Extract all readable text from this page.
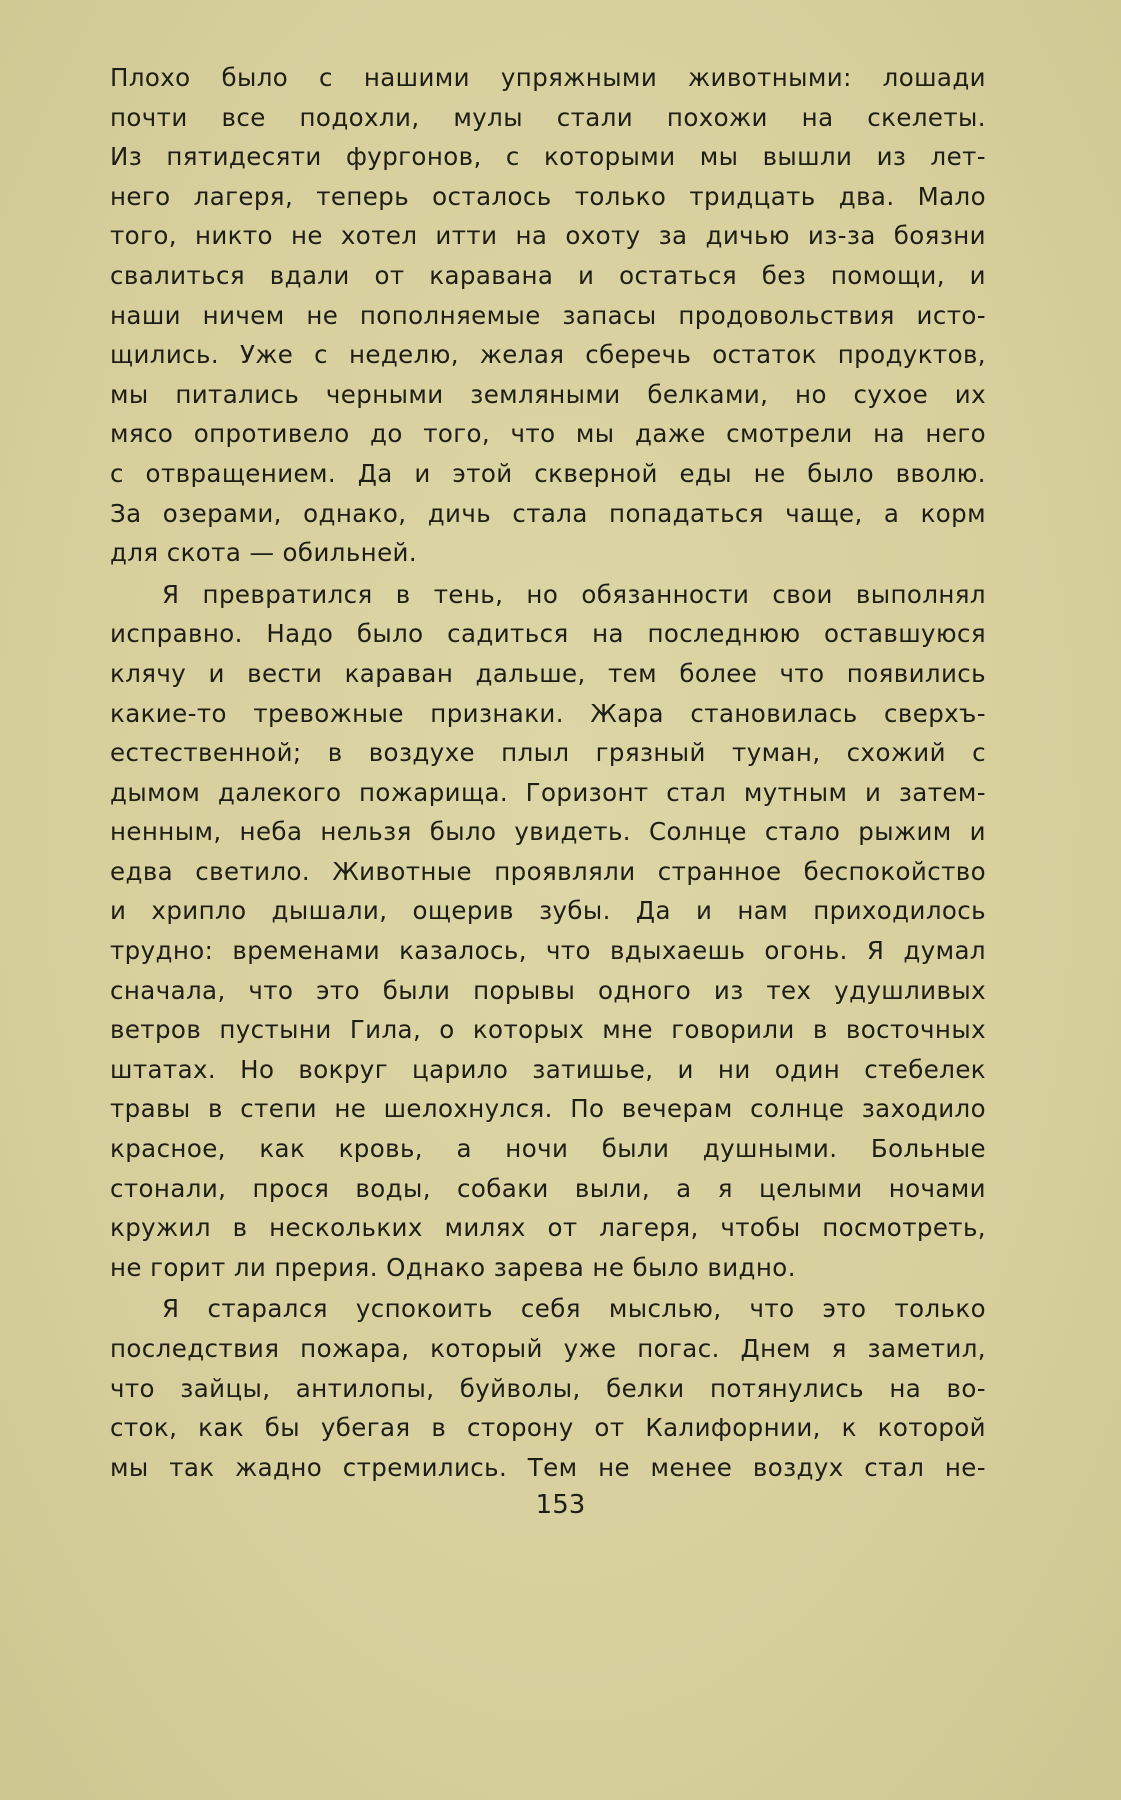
Плохо было с нашими упряжными животными: лошади
почти все подохли, мулы стали похожи на скелеты.
Из пятидесяти фургонов, с которыми мы вышли из лет-
него лагеря, теперь осталось только тридцать два. Мало
того, никто не хотел итти на охоту за дичью из-за боязни
свалиться вдали от каравана и остаться без помощи, и
наши ничем не пополняемые запасы продовольствия исто-
щились. Уже с неделю, желая сберечь остаток продуктов,
мы питались черными земляными белками, но сухое их
мясо опротивело до того, что мы даже смотрели на него
с отвращением. Да и этой скверной еды не было вволю.
За озерами, однако, дичь стала попадаться чаще, а корм
для скота — обильней.

Я превратился в тень, но обязанности свои выполнял
исправно. Надо было садиться на последнюю оставшуюся
клячу и вести караван дальше, тем более что появились
какие-то тревожные признаки. Жара становилась сверхъ-
естественной; в воздухе плыл грязный туман, схожий с
дымом далекого пожарища. Горизонт стал мутным и затем-
ненным, неба нельзя было увидеть. Солнце стало рыжим и
едва светило. Животные проявляли странное беспокойство
и хрипло дышали, ощерив зубы. Да и нам приходилось
трудно: временами казалось, что вдыхаешь огонь. Я думал
сначала, что это были порывы одного из тех удушливых
ветров пустыни Гила, о которых мне говорили в восточных
штатах. Но вокруг царило затишье, и ни один стебелек
травы в степи не шелохнулся. По вечерам солнце заходило
красное, как кровь, а ночи были душными. Больные
стонали, прося воды, собаки выли, а я целыми ночами
кружил в нескольких милях от лагеря, чтобы посмотреть,
не горит ли прерия. Однако зарева не было видно.

Я старался успокоить себя мыслью, что это только
последствия пожара, который уже погас. Днем я заметил,
что зайцы, антилопы, буйволы, белки потянулись на во-
сток, как бы убегая в сторону от Калифорнии, к которой
мы так жадно стремились. Тем не менее воздух стал не-

153
